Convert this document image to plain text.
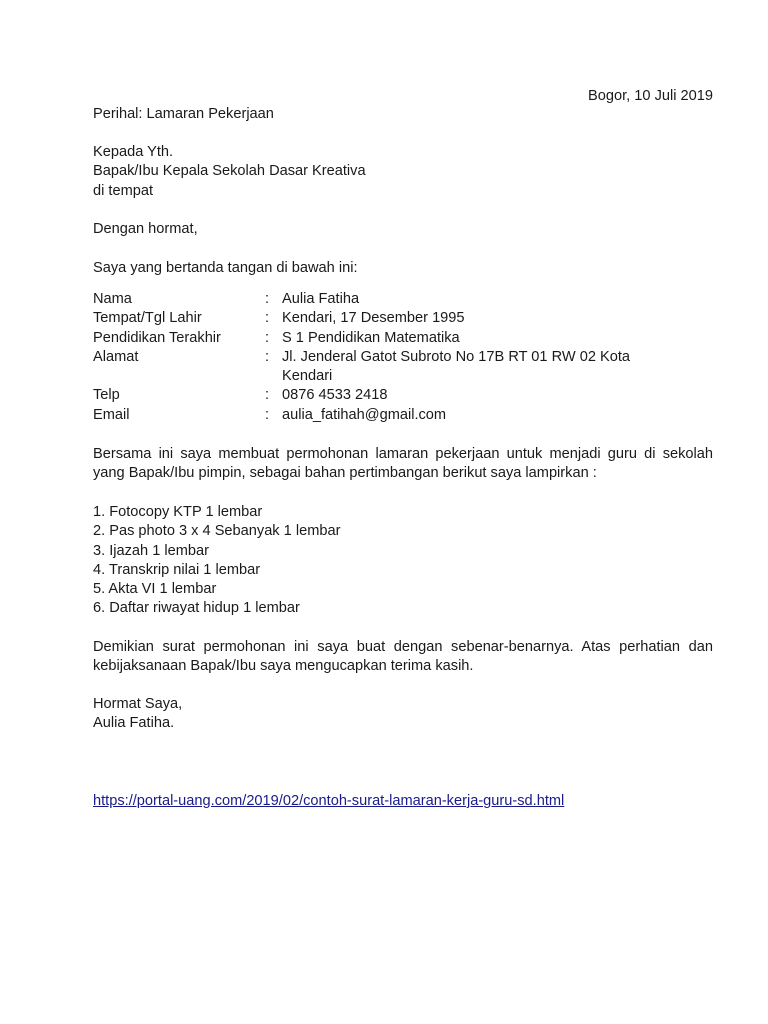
Bogor, 10 Juli 2019
Perihal: Lamaran Pekerjaan
Kepada Yth.
Bapak/Ibu Kepala Sekolah Dasar Kreativa
di tempat
Dengan hormat,
Saya yang bertanda tangan di bawah ini:
Nama	: Aulia Fatiha
Tempat/Tgl Lahir	: Kendari, 17 Desember 1995
Pendidikan Terakhir	: S 1 Pendidikan Matematika
Alamat	: Jl. Jenderal Gatot Subroto No 17B RT 01 RW 02 Kota Kendari
Telp	: 0876 4533 2418
Email	: aulia_fatihah@gmail.com
Bersama ini saya membuat permohonan lamaran pekerjaan untuk menjadi guru di sekolah yang Bapak/Ibu pimpin, sebagai bahan pertimbangan berikut saya lampirkan :
1. Fotocopy KTP 1 lembar
2. Pas photo 3 x 4 Sebanyak 1 lembar
3. Ijazah 1 lembar
4. Transkrip nilai 1 lembar
5. Akta VI 1 lembar
6. Daftar riwayat hidup 1 lembar
Demikian surat permohonan ini saya buat dengan sebenar-benarnya. Atas perhatian dan kebijaksanaan Bapak/Ibu saya mengucapkan terima kasih.
Hormat Saya,
Aulia Fatiha.
https://portal-uang.com/2019/02/contoh-surat-lamaran-kerja-guru-sd.html
